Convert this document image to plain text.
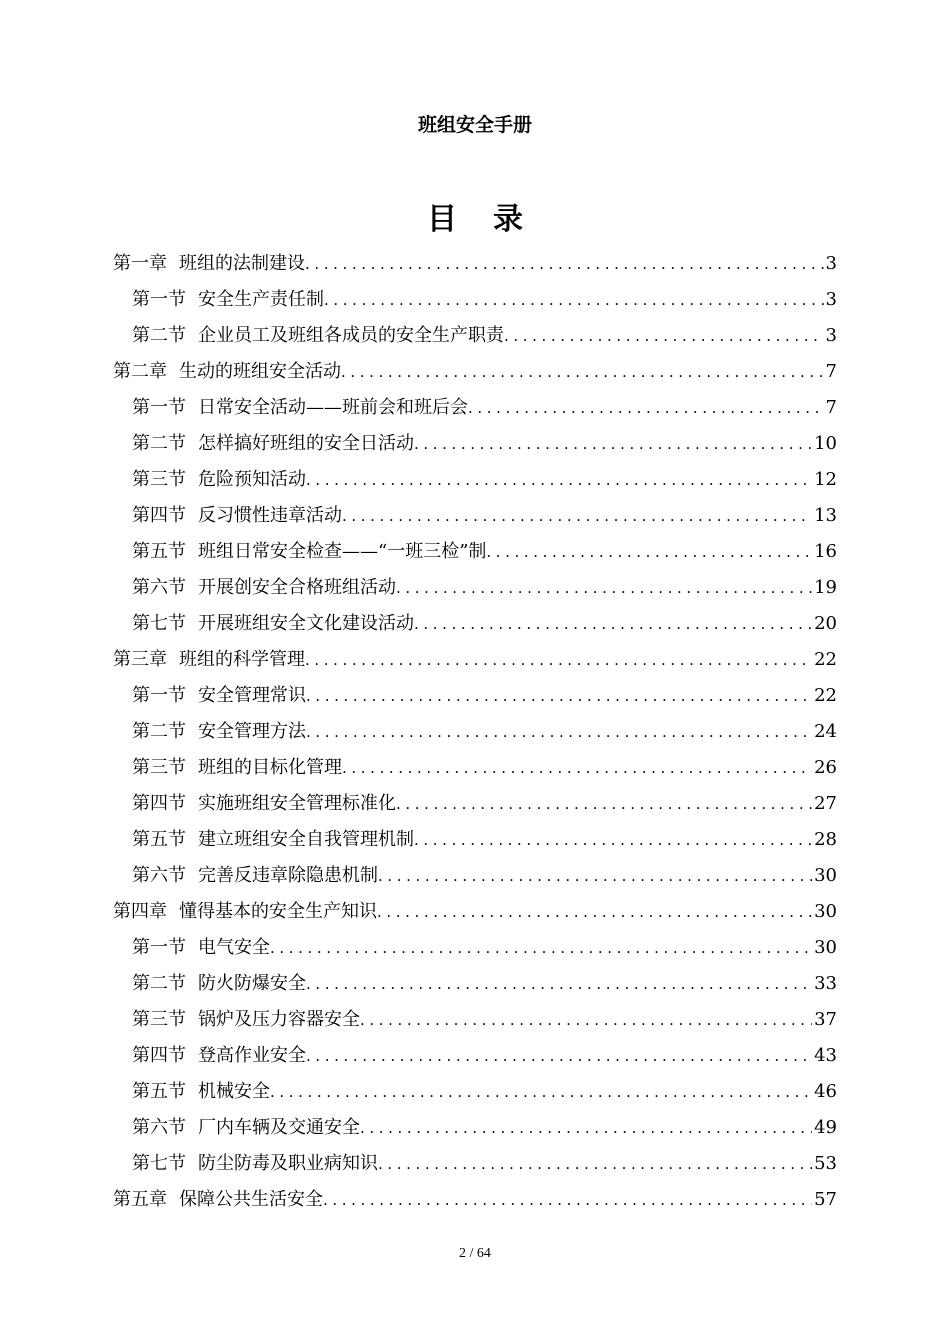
班组安全手册
目录
第一章 班组的法制建设 .....	3
第一节 安全生产责任制 .....	3
第二节 企业员工及班组各成员的安全生产职责 .....	3
第二章 生动的班组安全活动 .....	7
第一节 日常安全活动——班前会和班后会 .....	7
第二节 怎样搞好班组的安全日活动 .....	10
第三节 危险预知活动 .....	12
第四节 反习惯性违章活动 .....	13
第五节 班组日常安全检查——“一班三检”制 .....	16
第六节 开展创安全合格班组活动 .....	19
第七节 开展班组安全文化建设活动 .....	20
第三章 班组的科学管理 .....	22
第一节 安全管理常识 .....	22
第二节 安全管理方法 .....	24
第三节 班组的目标化管理 .....	26
第四节 实施班组安全管理标准化 .....	27
第五节 建立班组安全自我管理机制 .....	28
第六节 完善反违章除隐患机制 .....	30
第四章 懂得基本的安全生产知识 .....	30
第一节 电气安全 .....	30
第二节 防火防爆安全 .....	33
第三节 锅炉及压力容器安全 .....	37
第四节 登高作业安全 .....	43
第五节 机械安全 .....	46
第六节 厂内车辆及交通安全 .....	49
第七节 防尘防毒及职业病知识 .....	53
第五章 保障公共生活安全 .....	57
2 / 64
